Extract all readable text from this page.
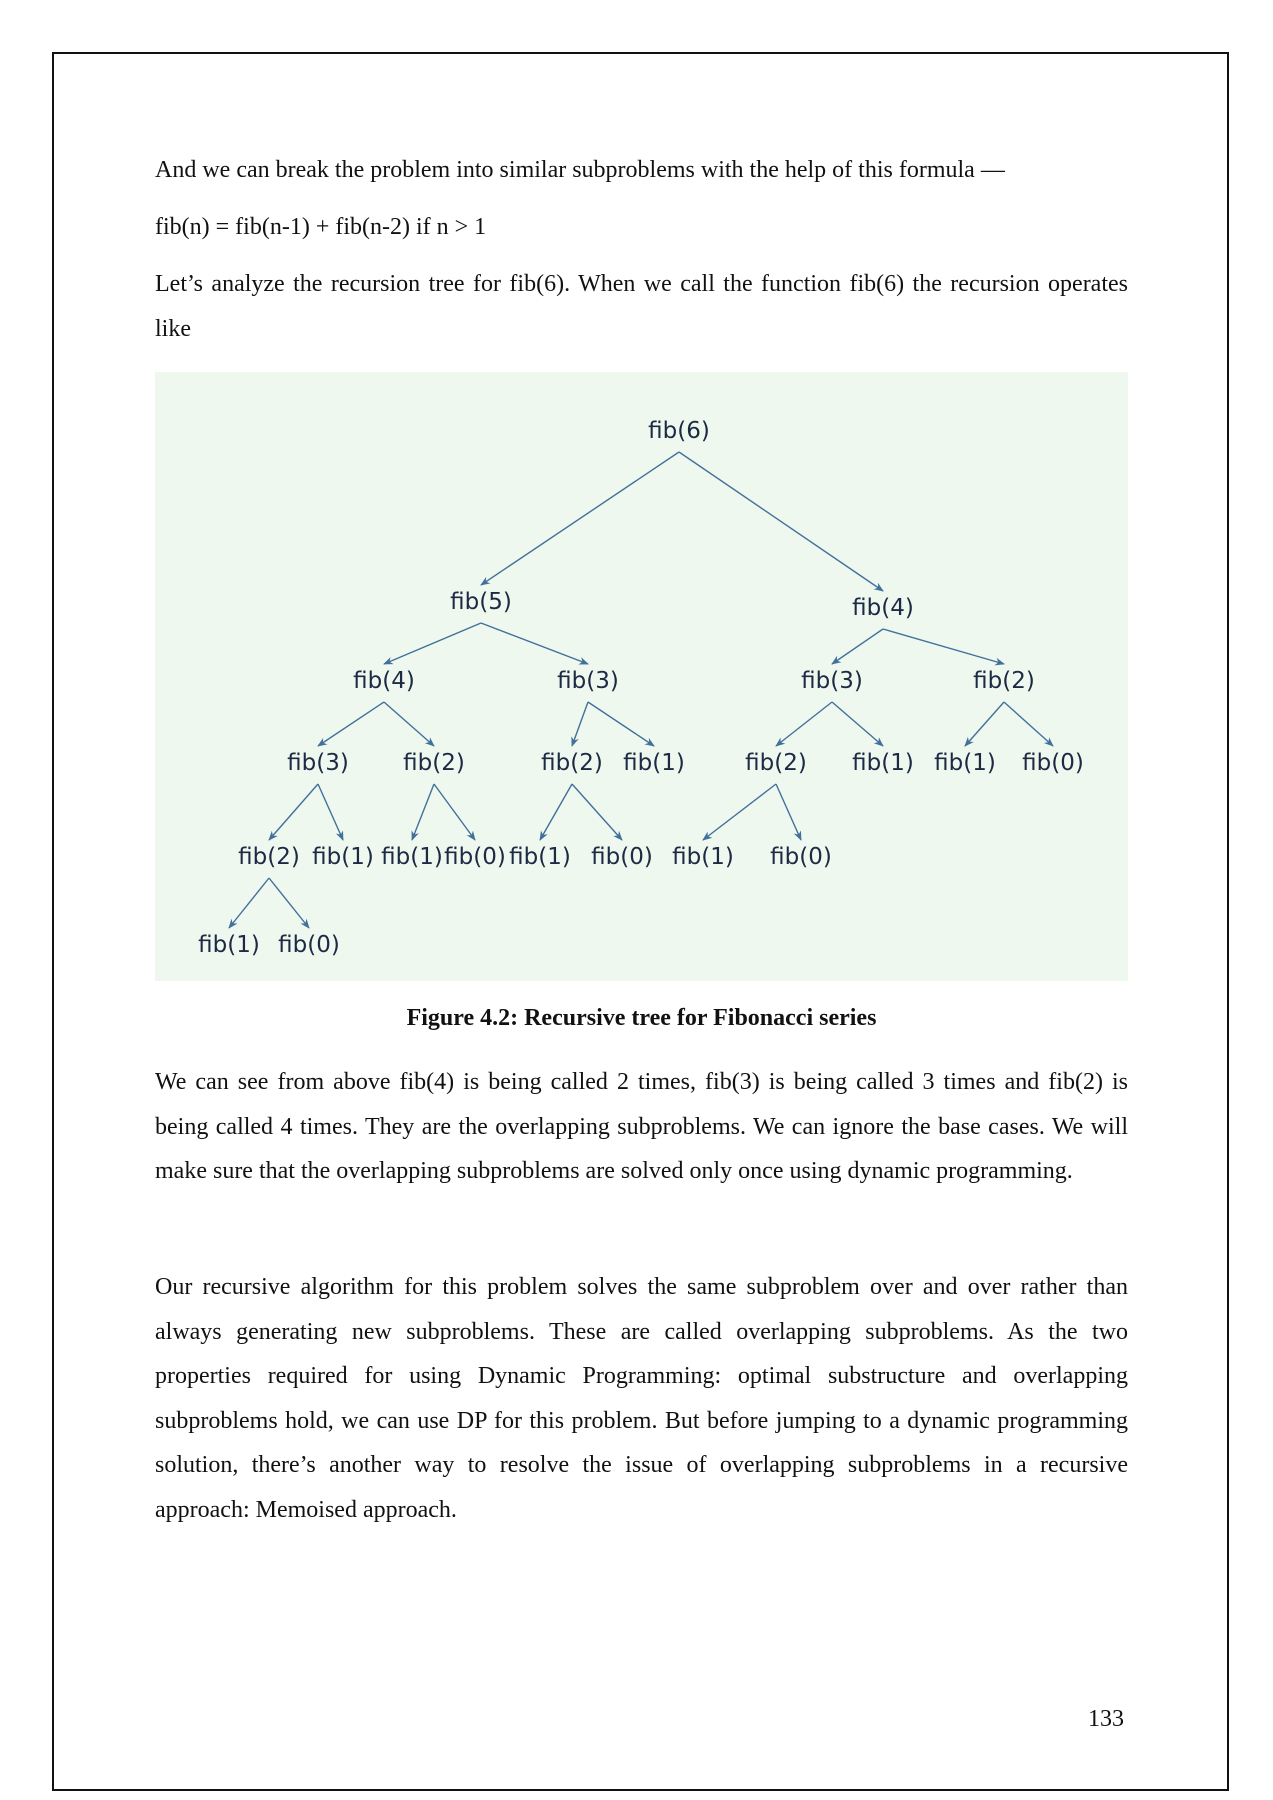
And we can break the problem into similar subproblems with the help of this formula —

fib(n) = fib(n-1) + fib(n-2) if n > 1

Let’s analyze the recursion tree for fib(6). When we call the function fib(6) the recursion operates like

fib(6)
fib(5)	fib(4)
fib(4)	fib(3)	fib(3)	fib(2)
fib(3) fib(2)	fib(2) fib(1)	fib(2) fib(1) fib(1) fib(0)
fib(2) fib(1) fib(1) fib(0) fib(1) fib(0) fib(1) fib(0)
fib(1) fib(0)
Figure 4.2: Recursive tree for Fibonacci series

We can see from above fib(4) is being called 2 times, fib(3) is being called 3 times and fib(2) is being called 4 times. They are the overlapping subproblems. We can ignore the base cases. We will make sure that the overlapping subproblems are solved only once using dynamic programming.

Our recursive algorithm for this problem solves the same subproblem over and over rather than always generating new subproblems. These are called overlapping subproblems. As the two properties required for using Dynamic Programming: optimal substructure and overlapping subproblems hold, we can use DP for this problem. But before jumping to a dynamic programming solution, there’s another way to resolve the issue of overlapping subproblems in a recursive approach: Memoised approach.

133
